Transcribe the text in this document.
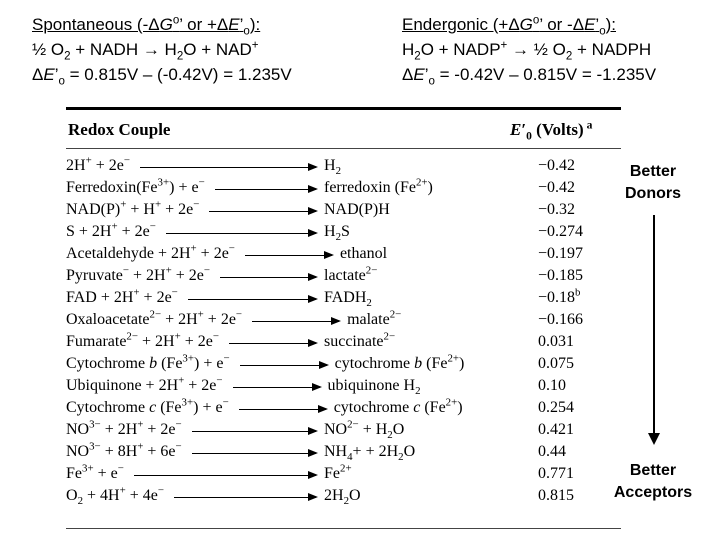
Spontaneous ($-\Delta G^o$’ or $+\Delta E’_o$):
½ $O_2$ + NADH → $H_2O + NAD^+$
$\Delta E’_o = 0.815V - (-0.42V) = 1.235V$
Endergonic ($+\Delta G^o$’ or $-\Delta E’_o$):
$H_2O$ + NADP+ → ½ $O_2$ + NADPH
$\Delta E’_o = -0.42V - 0.815V = -1.235V$
Redox Couple	$E'_0$ (Volts) $^a$
2H+ + 2e−	$H_2$	−0.42
$Ferredoxin(Fe^{3+}) + e^-$	ferredoxin $(Fe^{2+})$	−0.42
NAD(P)+ + H+ + 2e−	NAD(P)H	−0.32
S + 2H+ + 2e−	$H_2S$	−0.274
Acetaldehyde + 2H+ + 2e−	ethanol	−0.197
Pyruvate− + 2H+ + 2e−	lactate$^{2-}$	−0.185
FAD + 2H+ + 2e−	$FADH_2$	−0.18$^b$
Oxaloacetate$^{2-}$ + 2H+ + 2e−	malate$^{2-}$	−0.166
Fumarate$^{2-}$ + 2H+ + 2e−	succinate$^{2-}$	0.031
Cytochrome b $(Fe^{3+}) + e^-$	cytochrome b $(Fe^{2+})$	0.075
Ubiquinone + 2H+ + 2e−	ubiquinone $H_2$	0.10
Cytochrome c $(Fe^{3+}) + e^-$	cytochrome c $(Fe^{2+})$	0.254
$NO^{3-} + 2H^+ + 2e^-$	$NO^{2-} + H_2O$	0.421
$NO^{3-} + 8H^+ + 6e^-$	$NH_4+ + 2H_2O$	0.44
$Fe^{3+} + e^-$	$Fe^{2+}$	0.771
$O_2 + 4H^+ + 4e^-$	$2H_2O$	0.815
Better
Donors
Better
Acceptors
